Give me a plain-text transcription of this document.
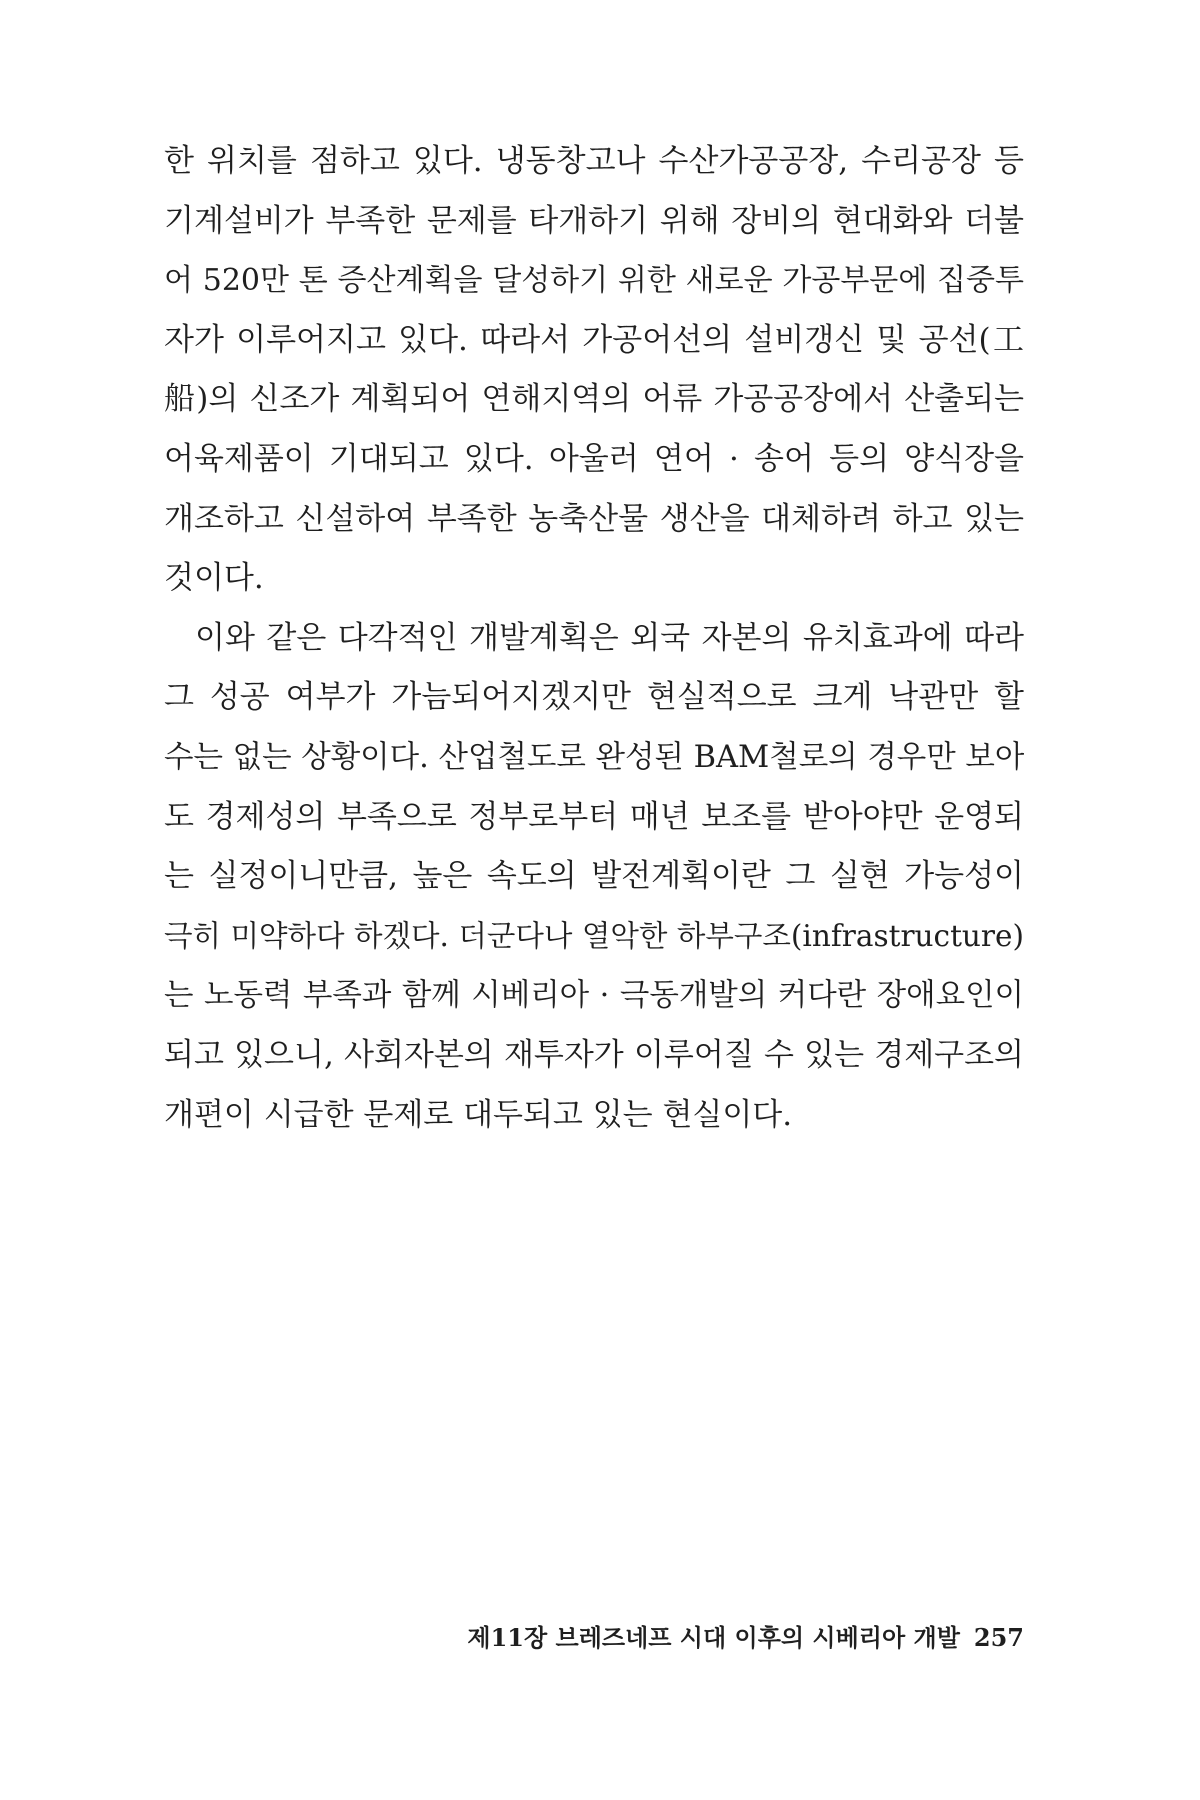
한 위치를 점하고 있다. 냉동창고나 수산가공공장, 수리공장 등
기계설비가 부족한 문제를 타개하기 위해 장비의 현대화와 더불
어 520만 톤 증산계획을 달성하기 위한 새로운 가공부문에 집중투
자가 이루어지고 있다. 따라서 가공어선의 설비갱신 및 공선(工
船)의 신조가 계획되어 연해지역의 어류 가공공장에서 산출되는
어육제품이 기대되고 있다. 아울러 연어 · 송어 등의 양식장을
개조하고 신설하여 부족한 농축산물 생산을 대체하려 하고 있는
것이다.
이와 같은 다각적인 개발계획은 외국 자본의 유치효과에 따라
그 성공 여부가 가늠되어지겠지만 현실적으로 크게 낙관만 할
수는 없는 상황이다. 산업철도로 완성된 BAM철로의 경우만 보아
도 경제성의 부족으로 정부로부터 매년 보조를 받아야만 운영되
는 실정이니만큼, 높은 속도의 발전계획이란 그 실현 가능성이
극히 미약하다 하겠다. 더군다나 열악한 하부구조(infrastructure)
는 노동력 부족과 함께 시베리아 · 극동개발의 커다란 장애요인이
되고 있으니, 사회자본의 재투자가 이루어질 수 있는 경제구조의
개편이 시급한 문제로 대두되고 있는 현실이다.
제11장 브레즈네프 시대 이후의 시베리아 개발 257
